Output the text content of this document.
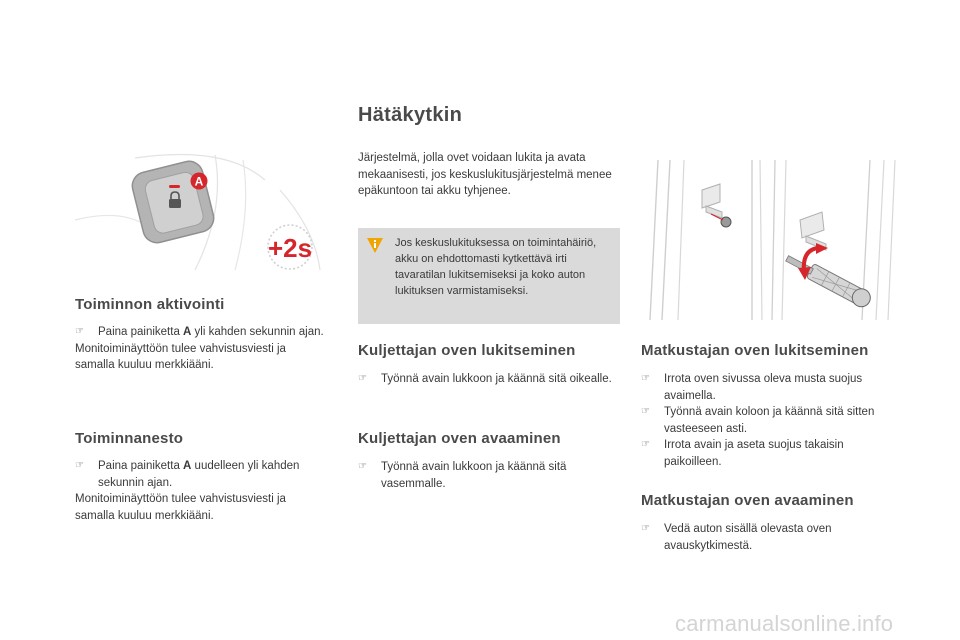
A
+2s
Toiminnon aktivointi
☞ Paina painiketta A yli kahden sekunnin ajan.
Monitoiminäyttöön tulee vahvistusviesti ja samalla kuuluu merkkiääni.
Toiminnanesto
☞ Paina painiketta A uudelleen yli kahden sekunnin ajan.
Monitoiminäyttöön tulee vahvistusviesti ja samalla kuuluu merkkiääni.
Hätäkytkin
Järjestelmä, jolla ovet voidaan lukita ja avata mekaanisesti, jos keskuslukitusjärjestelmä menee epäkuntoon tai akku tyhjenee.
Jos keskuslukituksessa on toimintahäiriö, akku on ehdottomasti kytkettävä irti tavaratilan lukitsemiseksi ja koko auton lukituksen varmistamiseksi.
Kuljettajan oven lukitseminen
☞ Työnnä avain lukkoon ja käännä sitä oikealle.
Kuljettajan oven avaaminen
☞ Työnnä avain lukkoon ja käännä sitä vasemmalle.
Matkustajan oven lukitseminen
☞ Irrota oven sivussa oleva musta suojus avaimella.
☞ Työnnä avain koloon ja käännä sitä sitten vasteeseen asti.
☞ Irrota avain ja aseta suojus takaisin paikoilleen.
Matkustajan oven avaaminen
☞ Vedä auton sisällä olevasta oven avauskytkimestä.
carmanualsonline.info
